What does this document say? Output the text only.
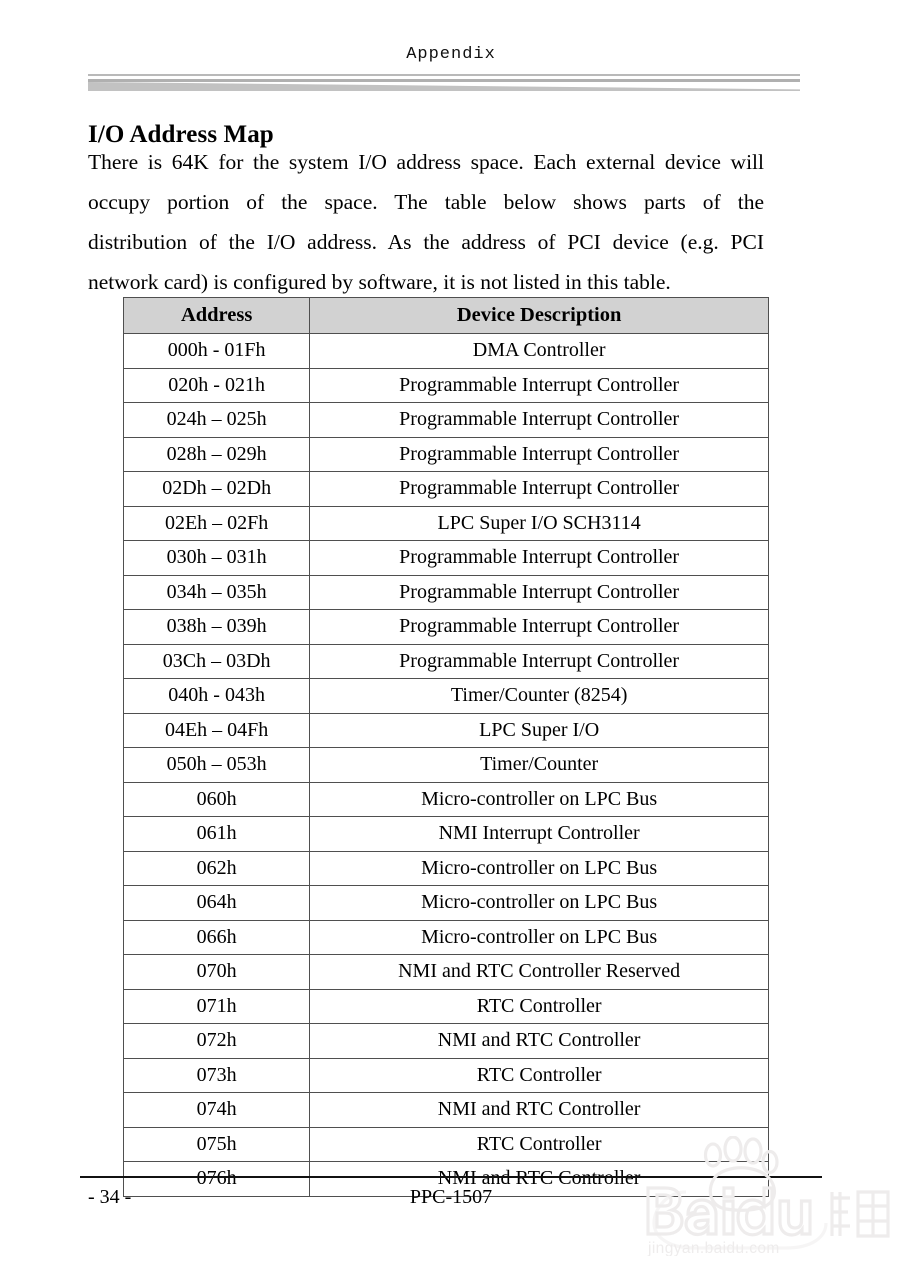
Appendix
I/O Address Map
There is 64K for the system I/O address space. Each external device will
occupy portion of the space. The table below shows parts of the
distribution of the I/O address. As the address of PCI device (e.g. PCI
network card) is configured by software, it is not listed in this table.
Address	Device Description
000h - 01Fh	DMA Controller
020h - 021h	Programmable Interrupt Controller
024h – 025h	Programmable Interrupt Controller
028h – 029h	Programmable Interrupt Controller
02Dh – 02Dh	Programmable Interrupt Controller
02Eh – 02Fh	LPC Super I/O SCH3114
030h – 031h	Programmable Interrupt Controller
034h – 035h	Programmable Interrupt Controller
038h – 039h	Programmable Interrupt Controller
03Ch – 03Dh	Programmable Interrupt Controller
040h - 043h	Timer/Counter (8254)
04Eh – 04Fh	LPC Super I/O
050h – 053h	Timer/Counter
060h	Micro-controller on LPC Bus
061h	NMI Interrupt Controller
062h	Micro-controller on LPC Bus
064h	Micro-controller on LPC Bus
066h	Micro-controller on LPC Bus
070h	NMI and RTC Controller Reserved
071h	RTC Controller
072h	NMI and RTC Controller
073h	RTC Controller
074h	NMI and RTC Controller
075h	RTC Controller
076h	NMI and RTC Controller
- 34 -	PPC-1507
jingyan.baidu.com
